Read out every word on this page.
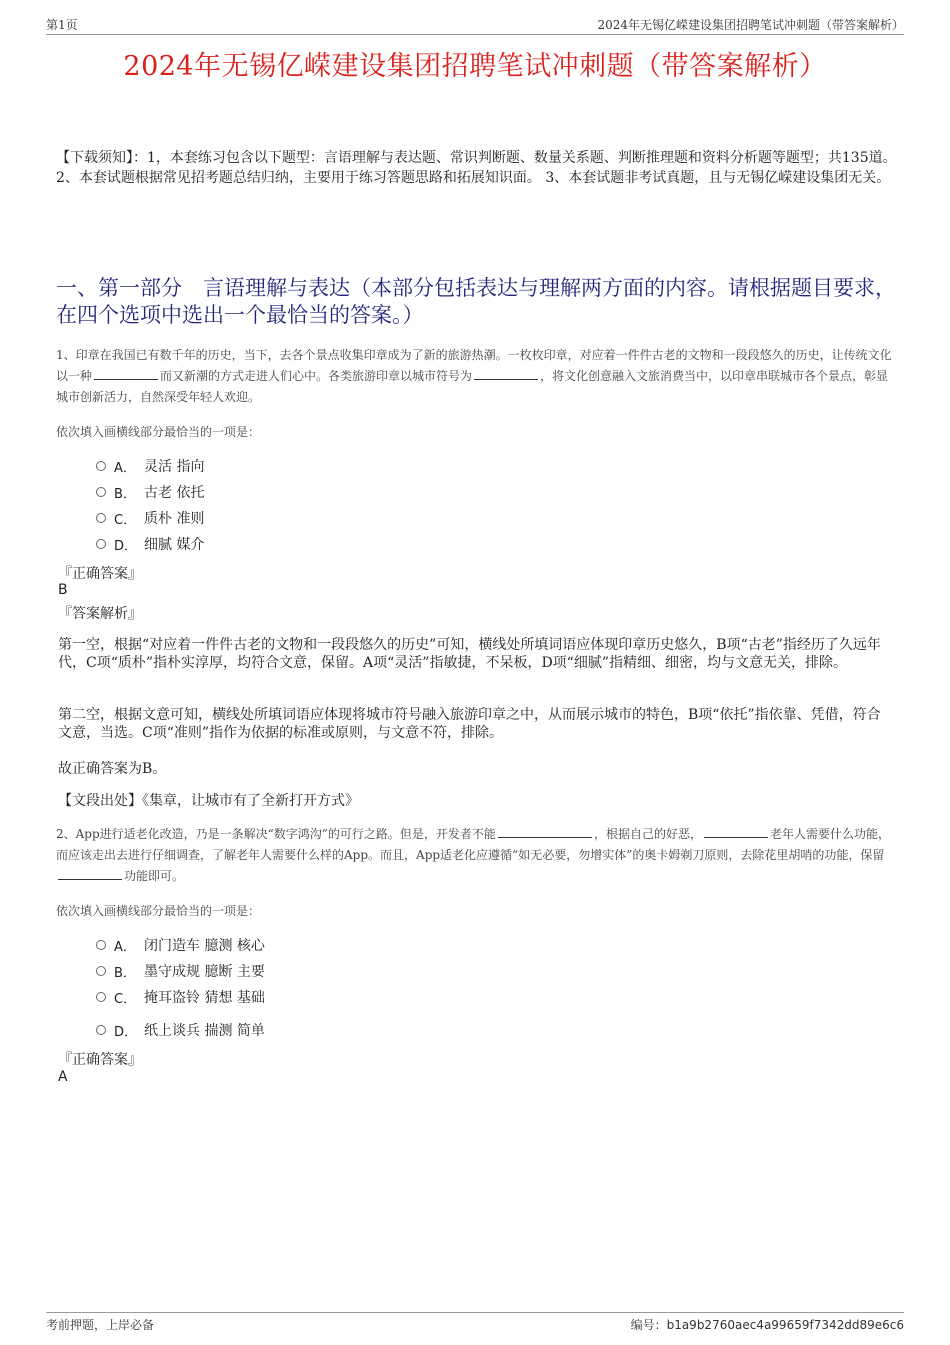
第1页	2024年无锡亿嵘建设集团招聘笔试冲刺题（带答案解析）
2024年无锡亿嵘建设集团招聘笔试冲刺题（带答案解析）
【下载须知】：1，本套练习包含以下题型：言语理解与表达题、常识判断题、数量关系题、判断推理题和资料分析题等题型；共135道。 2、本套试题根据常见招考题总结归纳，主要用于练习答题思路和拓展知识面。 3、本套试题非考试真题，且与无锡亿嵘建设集团无关。
一、第一部分　言语理解与表达（本部分包括表达与理解两方面的内容。请根据题目要求，在四个选项中选出一个最恰当的答案。）
1、印章在我国已有数千年的历史，当下，去各个景点收集印章成为了新的旅游热潮。一枚枚印章，对应着一件件古老的文物和一段段悠久的历史，让传统文化以一种	而又新潮的方式走进人们心中。各类旅游印章以城市符号为	，将文化创意融入文旅消费当中，以印章串联城市各个景点，彰显城市创新活力，自然深受年轻人欢迎。
依次填入画横线部分最恰当的一项是：
A． 灵活 指向
B． 古老 依托
C． 质朴 准则
D． 细腻 媒介
『正确答案』
B
『答案解析』
第一空，根据“对应着一件件古老的文物和一段段悠久的历史”可知，横线处所填词语应体现印章历史悠久，B项“古老”指经历了久远年代，C项“质朴”指朴实淳厚，均符合文意，保留。A项“灵活”指敏捷，不呆板，D项“细腻”指精细、细密，均与文意无关，排除。
第二空，根据文意可知，横线处所填词语应体现将城市符号融入旅游印章之中，从而展示城市的特色，B项“依托”指依靠、凭借，符合文意，当选。C项“准则”指作为依据的标准或原则，与文意不符，排除。
故正确答案为B。
【文段出处】《集章，让城市有了全新打开方式》
2、App进行适老化改造，乃是一条解决“数字鸿沟”的可行之路。但是，开发者不能	，根据自己的好恶，	老年人需要什么功能，而应该走出去进行仔细调查，了解老年人需要什么样的App。而且，App适老化应遵循“如无必要，勿增实体”的奥卡姆剃刀原则，去除花里胡哨的功能，保留功能即可。
依次填入画横线部分最恰当的一项是：
A． 闭门造车 臆测 核心
B． 墨守成规 臆断 主要
C． 掩耳盗铃 猜想 基础
D． 纸上谈兵 揣测 简单
『正确答案』
A
考前押题，上岸必备	编号：b1a9b2760aec4a99659f7342dd89e6c6
